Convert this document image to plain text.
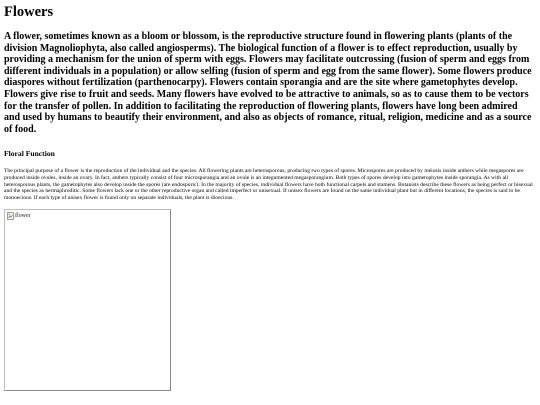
Flowers

A flower, sometimes known as a bloom or blossom, is the reproductive structure found in flowering plants (plants of the division Magnoliophyta, also called angiosperms). The biological function of a flower is to effect reproduction, usually by providing a mechanism for the union of sperm with eggs. Flowers may facilitate outcrossing (fusion of sperm and eggs from different individuals in a population) or allow selfing (fusion of sperm and egg from the same flower). Some flowers produce diaspores without fertilization (parthenocarpy). Flowers contain sporangia and are the site where gametophytes develop. Flowers give rise to fruit and seeds. Many flowers have evolved to be attractive to animals, so as to cause them to be vectors for the transfer of pollen. In addition to facilitating the reproduction of flowering plants, flowers have long been admired and used by humans to beautify their environment, and also as objects of romance, ritual, religion, medicine and as a source of food.

Floral Function

The principal purpose of a flower is the reproduction of the individual and the species. All flowering plants are heterosporous, producing two types of spores. Microspores are produced by meiosis inside anthers while megaspores are produced inside ovules, inside an ovary. In fact, anthers typically consist of four microsporangia and an ovule is an integumented megasporangium. Both types of spores develop into gametophytes inside sporangia. As with all heterosporous plants, the gametophytes also develop inside the spores (are endosporic). In the majority of species, individual flowers have both functional carpels and stamens. Botanists describe these flowers as being perfect or bisexual and the species as hermaphroditic. Some flowers lack one or the other reproductive organ and called imperfect or unisexual. If unisex flowers are found on the same individual plant but in different locations, the species is said to be monoecious. If each type of unisex flower is found only on separate individuals, the plant is dioecious.

flower
